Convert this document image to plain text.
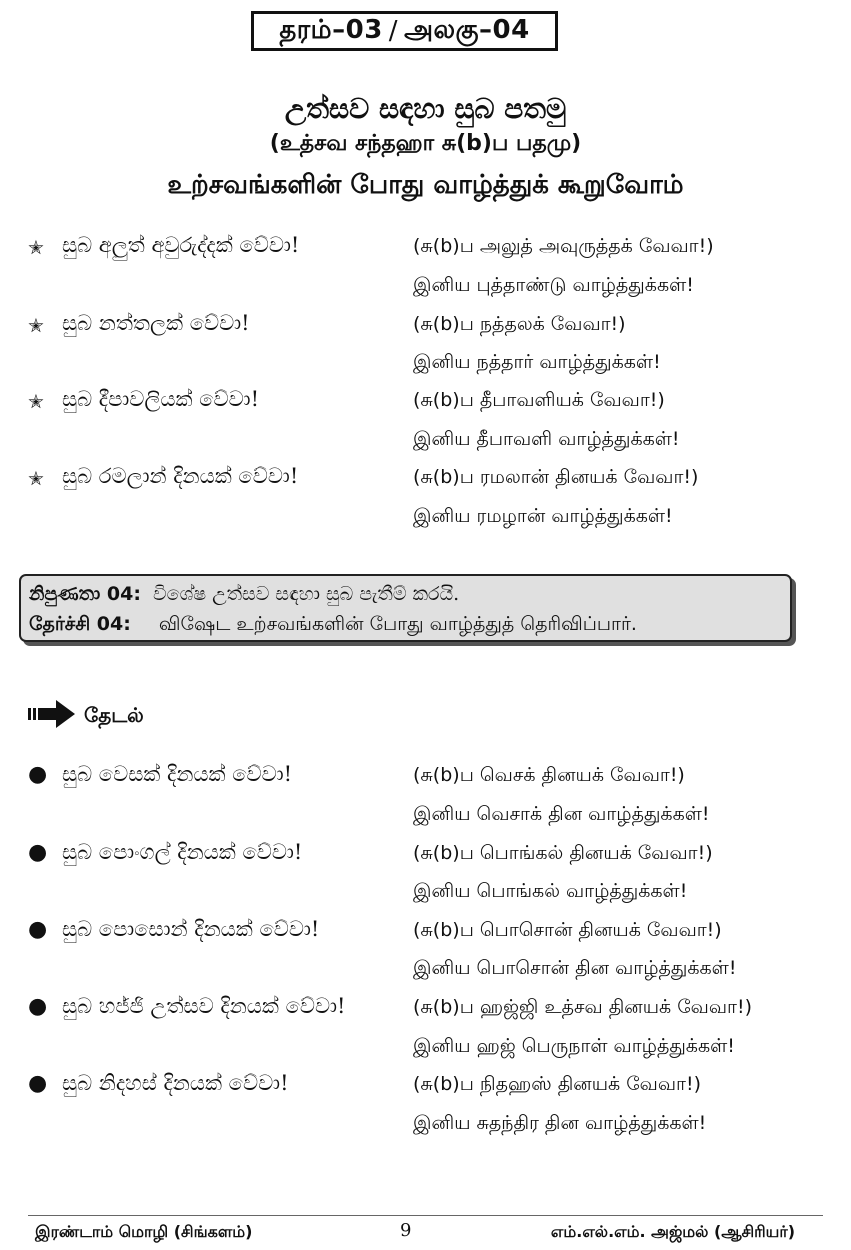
தரம்–03 / அலகு–04
උත්සව සඳහා සුබ පතමු
(உத்சவ சந்தஹா சு(b)ப பதமு)
உற்சவங்களின் போது வாழ்த்துக் கூறுவோம்
✭ සුබ අලුත් අවුරුද්දක් වේවා!	(சு(b)ப அலுத் அவுருத்தக் வேவா!)
இனிய புத்தாண்டு வாழ்த்துக்கள்!
✭ සුබ නත්තලක් වේවා!	(சு(b)ப நத்தலக் வேவா!)
இனிய நத்தார் வாழ்த்துக்கள்!
✭ සුබ දීපාවලියක් වේවා!	(சு(b)ப தீபாவளியக் வேவா!)
இனிய தீபாவளி வாழ்த்துக்கள்!
✭ සුබ රමලාන් දිනයක් වේවා!	(சு(b)ப ரமலான் தினயக் வேவா!)
இனிய ரமழான் வாழ்த்துக்கள்!
නිපුණතා 04: විශේෂ උත්සව සඳහා සුබ පැතීම් කරයි.
தேர்ச்சி 04: விஷேட உற்சவங்களின் போது வாழ்த்துத் தெரிவிப்பார்.
தேடல்
● සුබ වෙසක් දිනයක් වේවා!	(சு(b)ப வெசக் தினயக் வேவா!)
இனிய வெசாக் தின வாழ்த்துக்கள்!
● සුබ පොංගල් දිනයක් වේවා!	(சு(b)ப பொங்கல் தினயக் வேவா!)
இனிய பொங்கல் வாழ்த்துக்கள்!
● සුබ පොසොන් දිනයක් වේවා!	(சு(b)ப பொசொன் தினயக் வேவா!)
இனிய பொசொன் தின வாழ்த்துக்கள்!
● සුබ හජ්ජි උත්සව දිනයක් වේවා!	(சு(b)ப ஹஜ்ஜி உத்சவ தினயக் வேவா!)
இனிய ஹஜ் பெருநாள் வாழ்த்துக்கள்!
● සුබ නිදහස් දිනයක් වේවා!	(சு(b)ப நிதஹஸ் தினயக் வேவா!)
இனிய சுதந்திர தின வாழ்த்துக்கள்!
இரண்டாம் மொழி (சிங்களம்)	9	எம்.எல்.எம். அஜ்மல் (ஆசிரியர்)
